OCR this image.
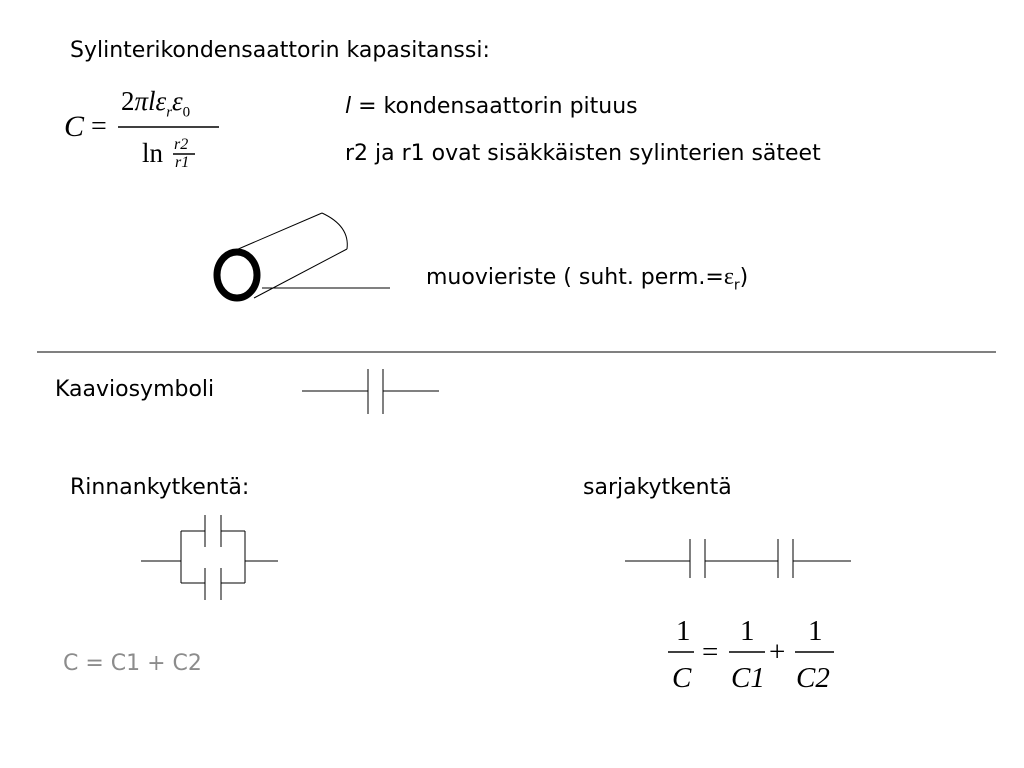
Sylinterikondensaattorin kapasitanssi:
C =
$2\pi l\varepsilon_r\varepsilon_0$
ln r2
r1
l = kondensaattorin pituus
r2 ja r1 ovat sisäkkäisten sylinterien säteet
muovieriste ( suht. $perm.=\varepsilon_r$)
Kaaviosymboli
Rinnankytkentä:	sarjakytkentä
C = C1 + C2
1
C
=
1
C1
+
1
C2
